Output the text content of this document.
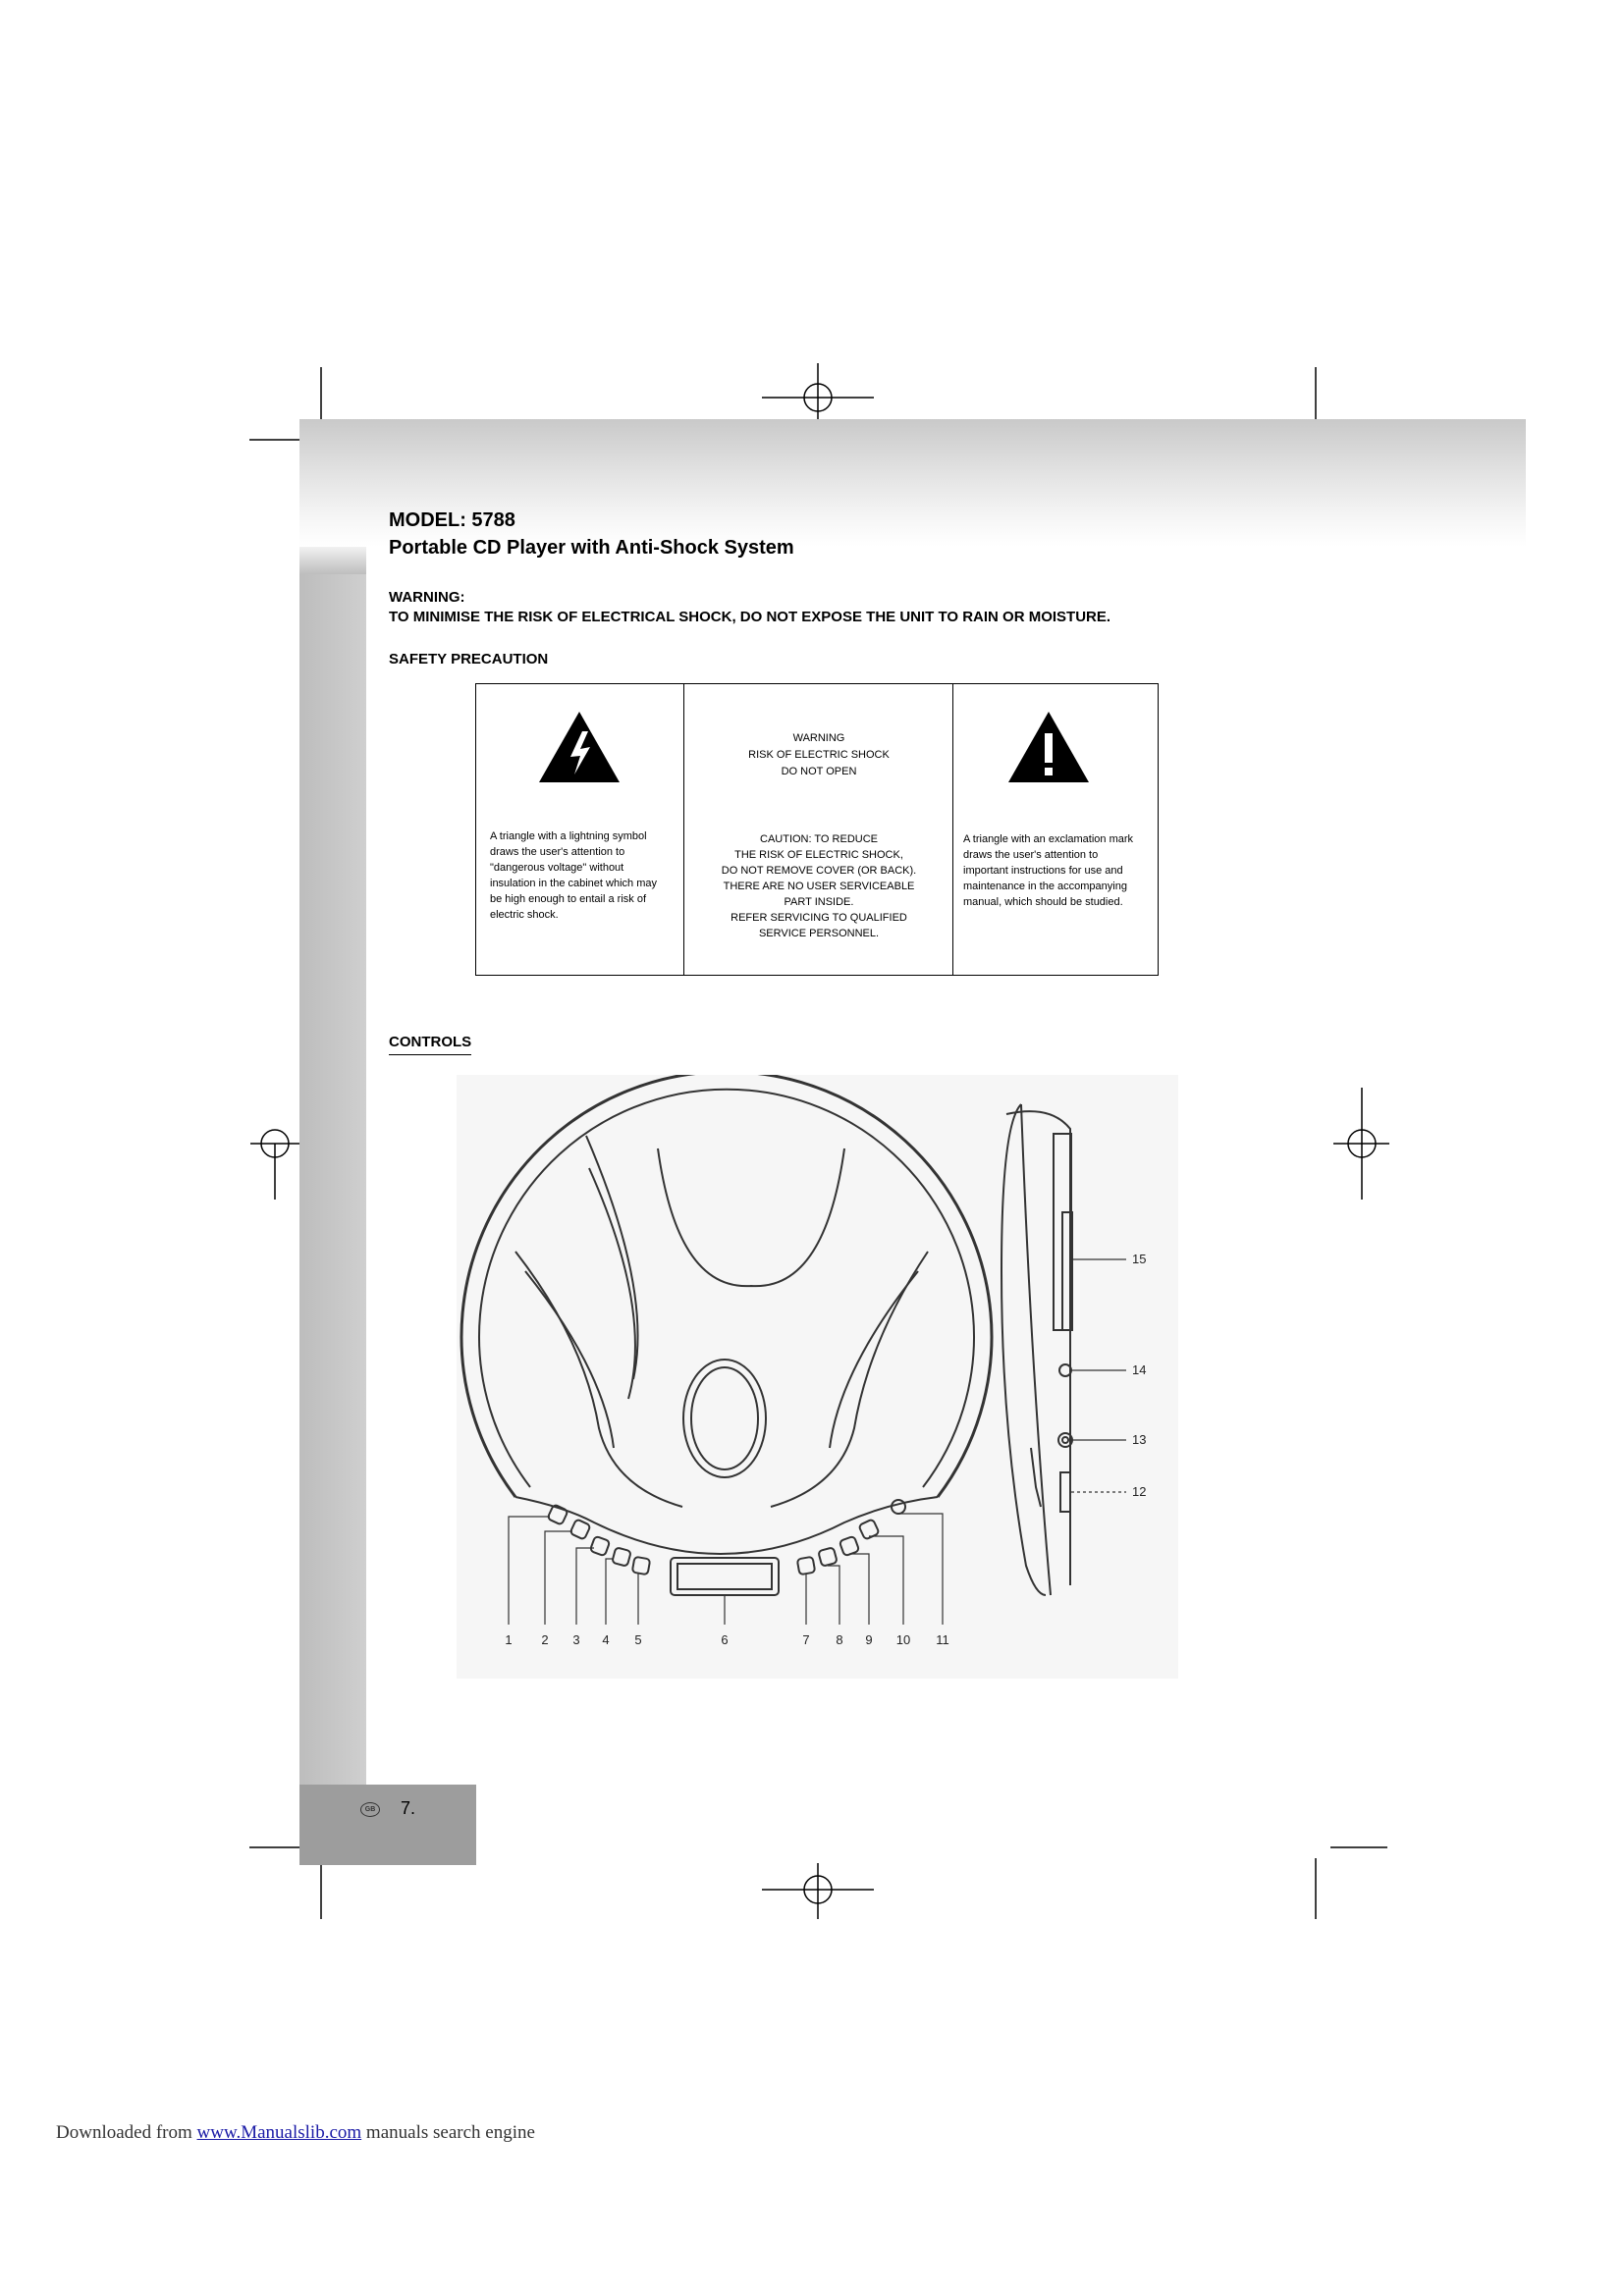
MODEL: 5788
Portable CD Player with Anti-Shock System
WARNING:
TO MINIMISE THE RISK OF ELECTRICAL SHOCK, DO NOT EXPOSE THE UNIT TO RAIN OR MOISTURE.
SAFETY PRECAUTION
A triangle with a lightning symbol
draws the user's attention to
"dangerous voltage" without
insulation in the cabinet which may
be high enough to entail a risk of
electric shock.
WARNING
RISK OF ELECTRIC SHOCK
DO NOT OPEN
CAUTION: TO REDUCE
THE RISK OF ELECTRIC SHOCK,
DO NOT REMOVE COVER (OR BACK).
THERE ARE NO USER SERVICEABLE
PART INSIDE.
REFER SERVICING TO QUALIFIED
SERVICE PERSONNEL.
A triangle with an exclamation mark
draws the user's attention to
important instructions for use and
maintenance in the accompanying
manual, which should be studied.
CONTROLS
1 2 3 4 5	6	7 8 9 10 11
15
14
13
12
GB 7.
Downloaded from www.Manualslib.com manuals search engine
